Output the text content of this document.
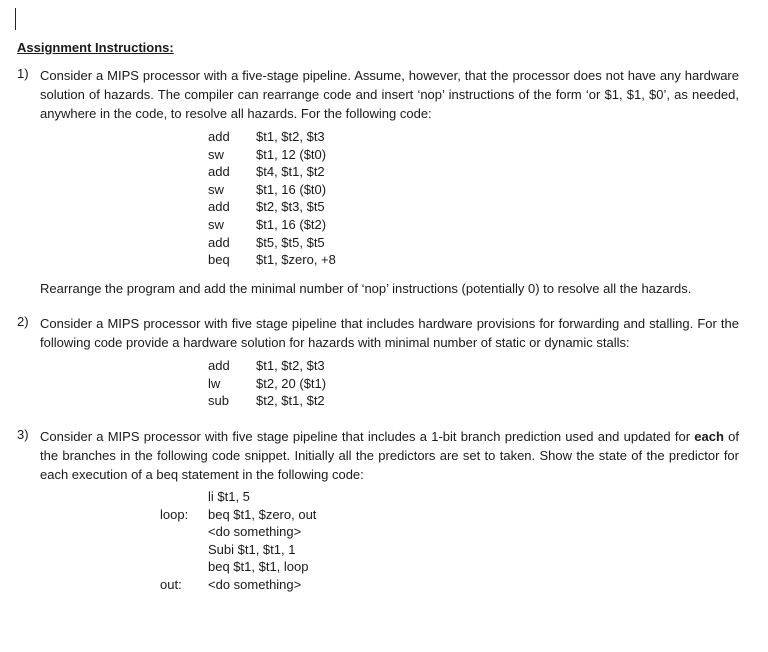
Assignment Instructions:
1) Consider a MIPS processor with a five-stage pipeline. Assume, however, that the processor does not have any hardware solution of hazards. The compiler can rearrange code and insert ‘nop’ instructions of the form ‘or $1, $1, $0’, as needed, anywhere in the code, to resolve all hazards. For the following code:
add $t1, $t2, $t3
sw $t1, 12 ($t0)
add $t4, $t1, $t2
sw $t1, 16 ($t0)
add $t2, $t3, $t5
sw $t1, 16 ($t2)
add $t5, $t5, $t5
beq $t1, $zero, +8
Rearrange the program and add the minimal number of ‘nop’ instructions (potentially 0) to resolve all the hazards.
2) Consider a MIPS processor with five stage pipeline that includes hardware provisions for forwarding and stalling. For the following code provide a hardware solution for hazards with minimal number of static or dynamic stalls:
add $t1, $t2, $t3
lw	$t2, 20 ($t1)
sub $t2, $t1, $t2
3) Consider a MIPS processor with five stage pipeline that includes a 1-bit branch prediction used and updated for each of the branches in the following code snippet. Initially all the predictors are set to taken. Show the state of the predictor for each execution of a beq statement in the following code:
li $t1, 5
loop: beq $t1, $zero, out
<do something>
Subi $t1, $t1, 1
beq $t1, $t1, loop
out: <do something>
